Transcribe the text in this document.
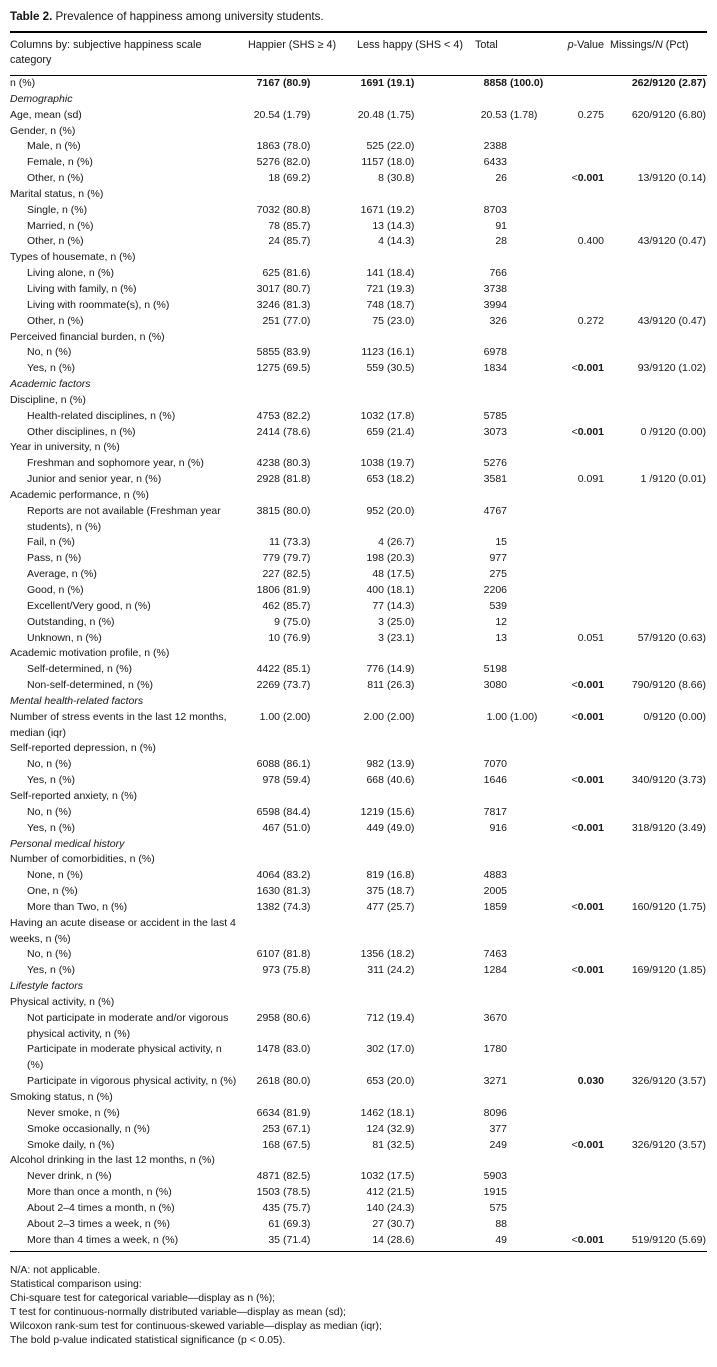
Table 2. Prevalence of happiness among university students.

Columns by: subjective happiness scale category	Happier (SHS ≥ 4)	Less happy (SHS < 4)	Total	p-Value	Missings/N (Pct)
n (%)	7167 (80.9)	1691 (19.1)	8858 (100.0)		262/9120 (2.87)
Demographic					
Age, mean (sd)	20.54 (1.79)	20.48 (1.75)	20.53 (1.78)	0.275	620/9120 (6.80)
Gender, n (%)					
Male, n (%)	1863 (78.0)	525 (22.0)	2388		
Female, n (%)	5276 (82.0)	1157 (18.0)	6433		
Other, n (%)	18 (69.2)	8 (30.8)	26	<0.001	13/9120 (0.14)
Marital status, n (%)					
Single, n (%)	7032 (80.8)	1671 (19.2)	8703		
Married, n (%)	78 (85.7)	13 (14.3)	91		
Other, n (%)	24 (85.7)	4 (14.3)	28	0.400	43/9120 (0.47)
Types of housemate, n (%)					
Living alone, n (%)	625 (81.6)	141 (18.4)	766		
Living with family, n (%)	3017 (80.7)	721 (19.3)	3738		
Living with roommate(s), n (%)	3246 (81.3)	748 (18.7)	3994		
Other, n (%)	251 (77.0)	75 (23.0)	326	0.272	43/9120 (0.47)
Perceived financial burden, n (%)					
No, n (%)	5855 (83.9)	1123 (16.1)	6978		
Yes, n (%)	1275 (69.5)	559 (30.5)	1834	<0.001	93/9120 (1.02)
Academic factors					
Discipline, n (%)					
Health-related disciplines, n (%)	4753 (82.2)	1032 (17.8)	5785		
Other disciplines, n (%)	2414 (78.6)	659 (21.4)	3073	<0.001	0 /9120 (0.00)
Year in university, n (%)					
Freshman and sophomore year, n (%)	4238 (80.3)	1038 (19.7)	5276		
Junior and senior year, n (%)	2928 (81.8)	653 (18.2)	3581	0.091	1 /9120 (0.01)
Academic performance, n (%)					
Reports are not available (Freshman year students), n (%)	3815 (80.0)	952 (20.0)	4767		
Fail, n (%)	11 (73.3)	4 (26.7)	15		
Pass, n (%)	779 (79.7)	198 (20.3)	977		
Average, n (%)	227 (82.5)	48 (17.5)	275		
Good, n (%)	1806 (81.9)	400 (18.1)	2206		
Excellent/Very good, n (%)	462 (85.7)	77 (14.3)	539		
Outstanding, n (%)	9 (75.0)	3 (25.0)	12		
Unknown, n (%)	10 (76.9)	3 (23.1)	13	0.051	57/9120 (0.63)
Academic motivation profile, n (%)					
Self-determined, n (%)	4422 (85.1)	776 (14.9)	5198		
Non-self-determined, n (%)	2269 (73.7)	811 (26.3)	3080	<0.001	790/9120 (8.66)
Mental health-related factors					
Number of stress events in the last 12 months, median (iqr)	1.00 (2.00)	2.00 (2.00)	1.00 (1.00)	<0.001	0/9120 (0.00)
Self-reported depression, n (%)					
No, n (%)	6088 (86.1)	982 (13.9)	7070		
Yes, n (%)	978 (59.4)	668 (40.6)	1646	<0.001	340/9120 (3.73)
Self-reported anxiety, n (%)					
No, n (%)	6598 (84.4)	1219 (15.6)	7817		
Yes, n (%)	467 (51.0)	449 (49.0)	916	<0.001	318/9120 (3.49)
Personal medical history					
Number of comorbidities, n (%)					
None, n (%)	4064 (83.2)	819 (16.8)	4883		
One, n (%)	1630 (81.3)	375 (18.7)	2005		
More than Two, n (%)	1382 (74.3)	477 (25.7)	1859	<0.001	160/9120 (1.75)
Having an acute disease or accident in the last 4 weeks, n (%)					
No, n (%)	6107 (81.8)	1356 (18.2)	7463		
Yes, n (%)	973 (75.8)	311 (24.2)	1284	<0.001	169/9120 (1.85)
Lifestyle factors					
Physical activity, n (%)					
Not participate in moderate and/or vigorous physical activity, n (%)	2958 (80.6)	712 (19.4)	3670		
Participate in moderate physical activity, n (%)	1478 (83.0)	302 (17.0)	1780		
Participate in vigorous physical activity, n (%)	2618 (80.0)	653 (20.0)	3271	0.030	326/9120 (3.57)
Smoking status, n (%)					
Never smoke, n (%)	6634 (81.9)	1462 (18.1)	8096		
Smoke occasionally, n (%)	253 (67.1)	124 (32.9)	377		
Smoke daily, n (%)	168 (67.5)	81 (32.5)	249	<0.001	326/9120 (3.57)
Alcohol drinking in the last 12 months, n (%)					
Never drink, n (%)	4871 (82.5)	1032 (17.5)	5903		
More than once a month, n (%)	1503 (78.5)	412 (21.5)	1915		
About 2–4 times a month, n (%)	435 (75.7)	140 (24.3)	575		
About 2–3 times a week, n (%)	61 (69.3)	27 (30.7)	88		
More than 4 times a week, n (%)	35 (71.4)	14 (28.6)	49	<0.001	519/9120 (5.69)
N/A: not applicable.
Statistical comparison using:
Chi-square test for categorical variable—display as n (%);
T test for continuous-normally distributed variable—display as mean (sd);
Wilcoxon rank-sum test for continuous-skewed variable—display as median (iqr);
The bold p-value indicated statistical significance (p < 0.05).
